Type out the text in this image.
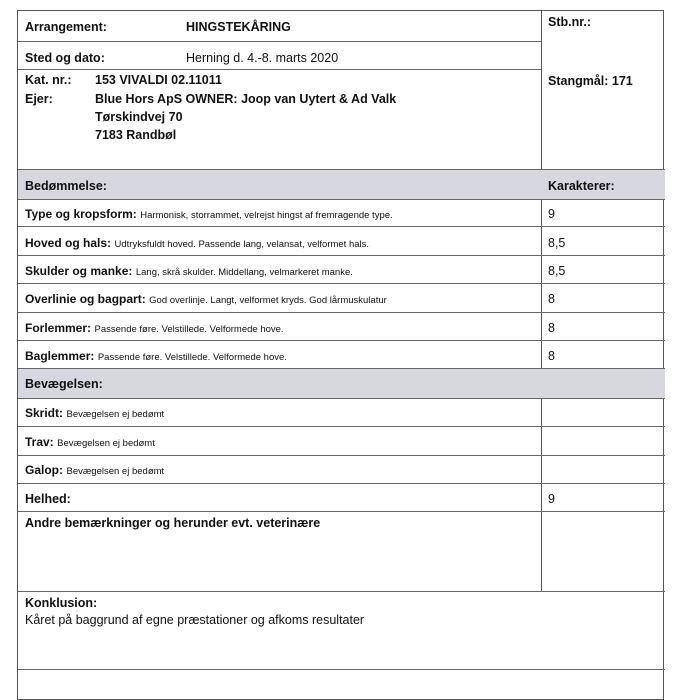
Arrangement:	HINGSTEKÅRING	Stb.nr.:
Sted og dato:	Herning d. 4.-8. marts 2020
Kat. nr.: 153 VIVALDI 02.11011
Ejer:	Blue Hors ApS OWNER: Joop van Uytert & Ad Valk
Tørskindvej 70
7183 Randbøl
Stangmål: 171
Bedømmelse:	Karakterer:
Type og kropsform: Harmonisk, storrammet, velrejst hingst af fremragende type.	9
Hoved og hals: Udtryksfuldt hoved. Passende lang, velansat, velformet hals.	8,5
Skulder og manke: Lang, skrå skulder. Middellang, velmarkeret manke.	8,5
Overlinie og bagpart: God overlinje. Langt, velformet kryds. God lårmuskulatur	8
Forlemmer: Passende føre. Velstillede. Velformede hove.	8
Baglemmer: Passende føre. Velstillede. Velformede hove.	8
Bevægelsen:
Skridt: Bevægelsen ej bedømt
Trav: Bevægelsen ej bedømt
Galop: Bevægelsen ej bedømt
Helhed:	9
Andre bemærkninger og herunder evt. veterinære
Konklusion:
Kåret på baggrund af egne præstationer og afkoms resultater
